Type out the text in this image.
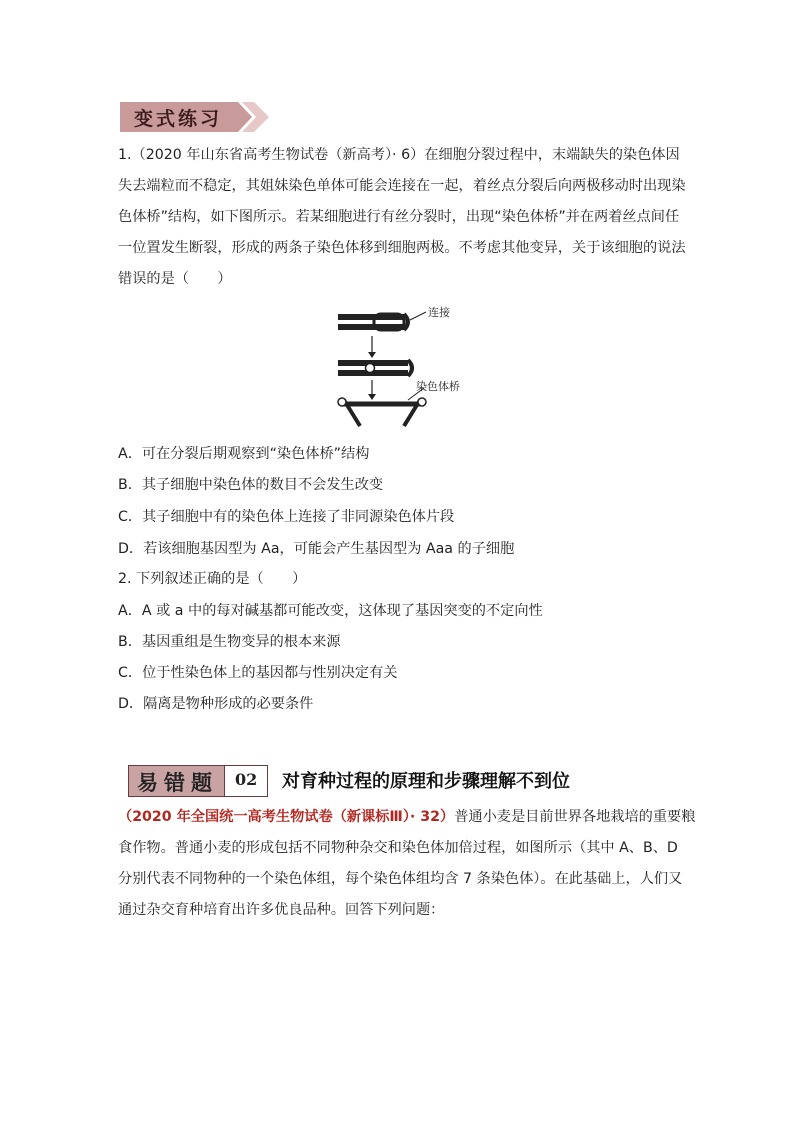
变式练习
1.（2020 年山东省高考生物试卷（新高考）· 6）在细胞分裂过程中，末端缺失的染色体因
失去端粒而不稳定，其姐妹染色单体可能会连接在一起，着丝点分裂后向两极移动时出现染
色体桥”结构，如下图所示。若某细胞进行有丝分裂时，出现“染色体桥”并在两着丝点间任
一位置发生断裂，形成的两条子染色体移到细胞两极。不考虑其他变异，关于该细胞的说法
错误的是（　　）
连接
染色体桥
A．可在分裂后期观察到“染色体桥”结构
B．其子细胞中染色体的数目不会发生改变
C．其子细胞中有的染色体上连接了非同源染色体片段
D．若该细胞基因型为 Aa，可能会产生基因型为 Aaa 的子细胞
2. 下列叙述正确的是（　　）
A．A 或 a 中的每对碱基都可能改变，这体现了基因突变的不定向性
B．基因重组是生物变异的根本来源
C．位于性染色体上的基因都与性别决定有关
D．隔离是物种形成的必要条件
易错题 02 对育种过程的原理和步骤理解不到位
（2020 年全国统一高考生物试卷（新课标Ⅲ）· 32）普通小麦是目前世界各地栽培的重要粮
食作物。普通小麦的形成包括不同物种杂交和染色体加倍过程，如图所示（其中 A、B、D
分别代表不同物种的一个染色体组，每个染色体组均含 7 条染色体）。在此基础上，人们又
通过杂交育种培育出许多优良品种。回答下列问题：
